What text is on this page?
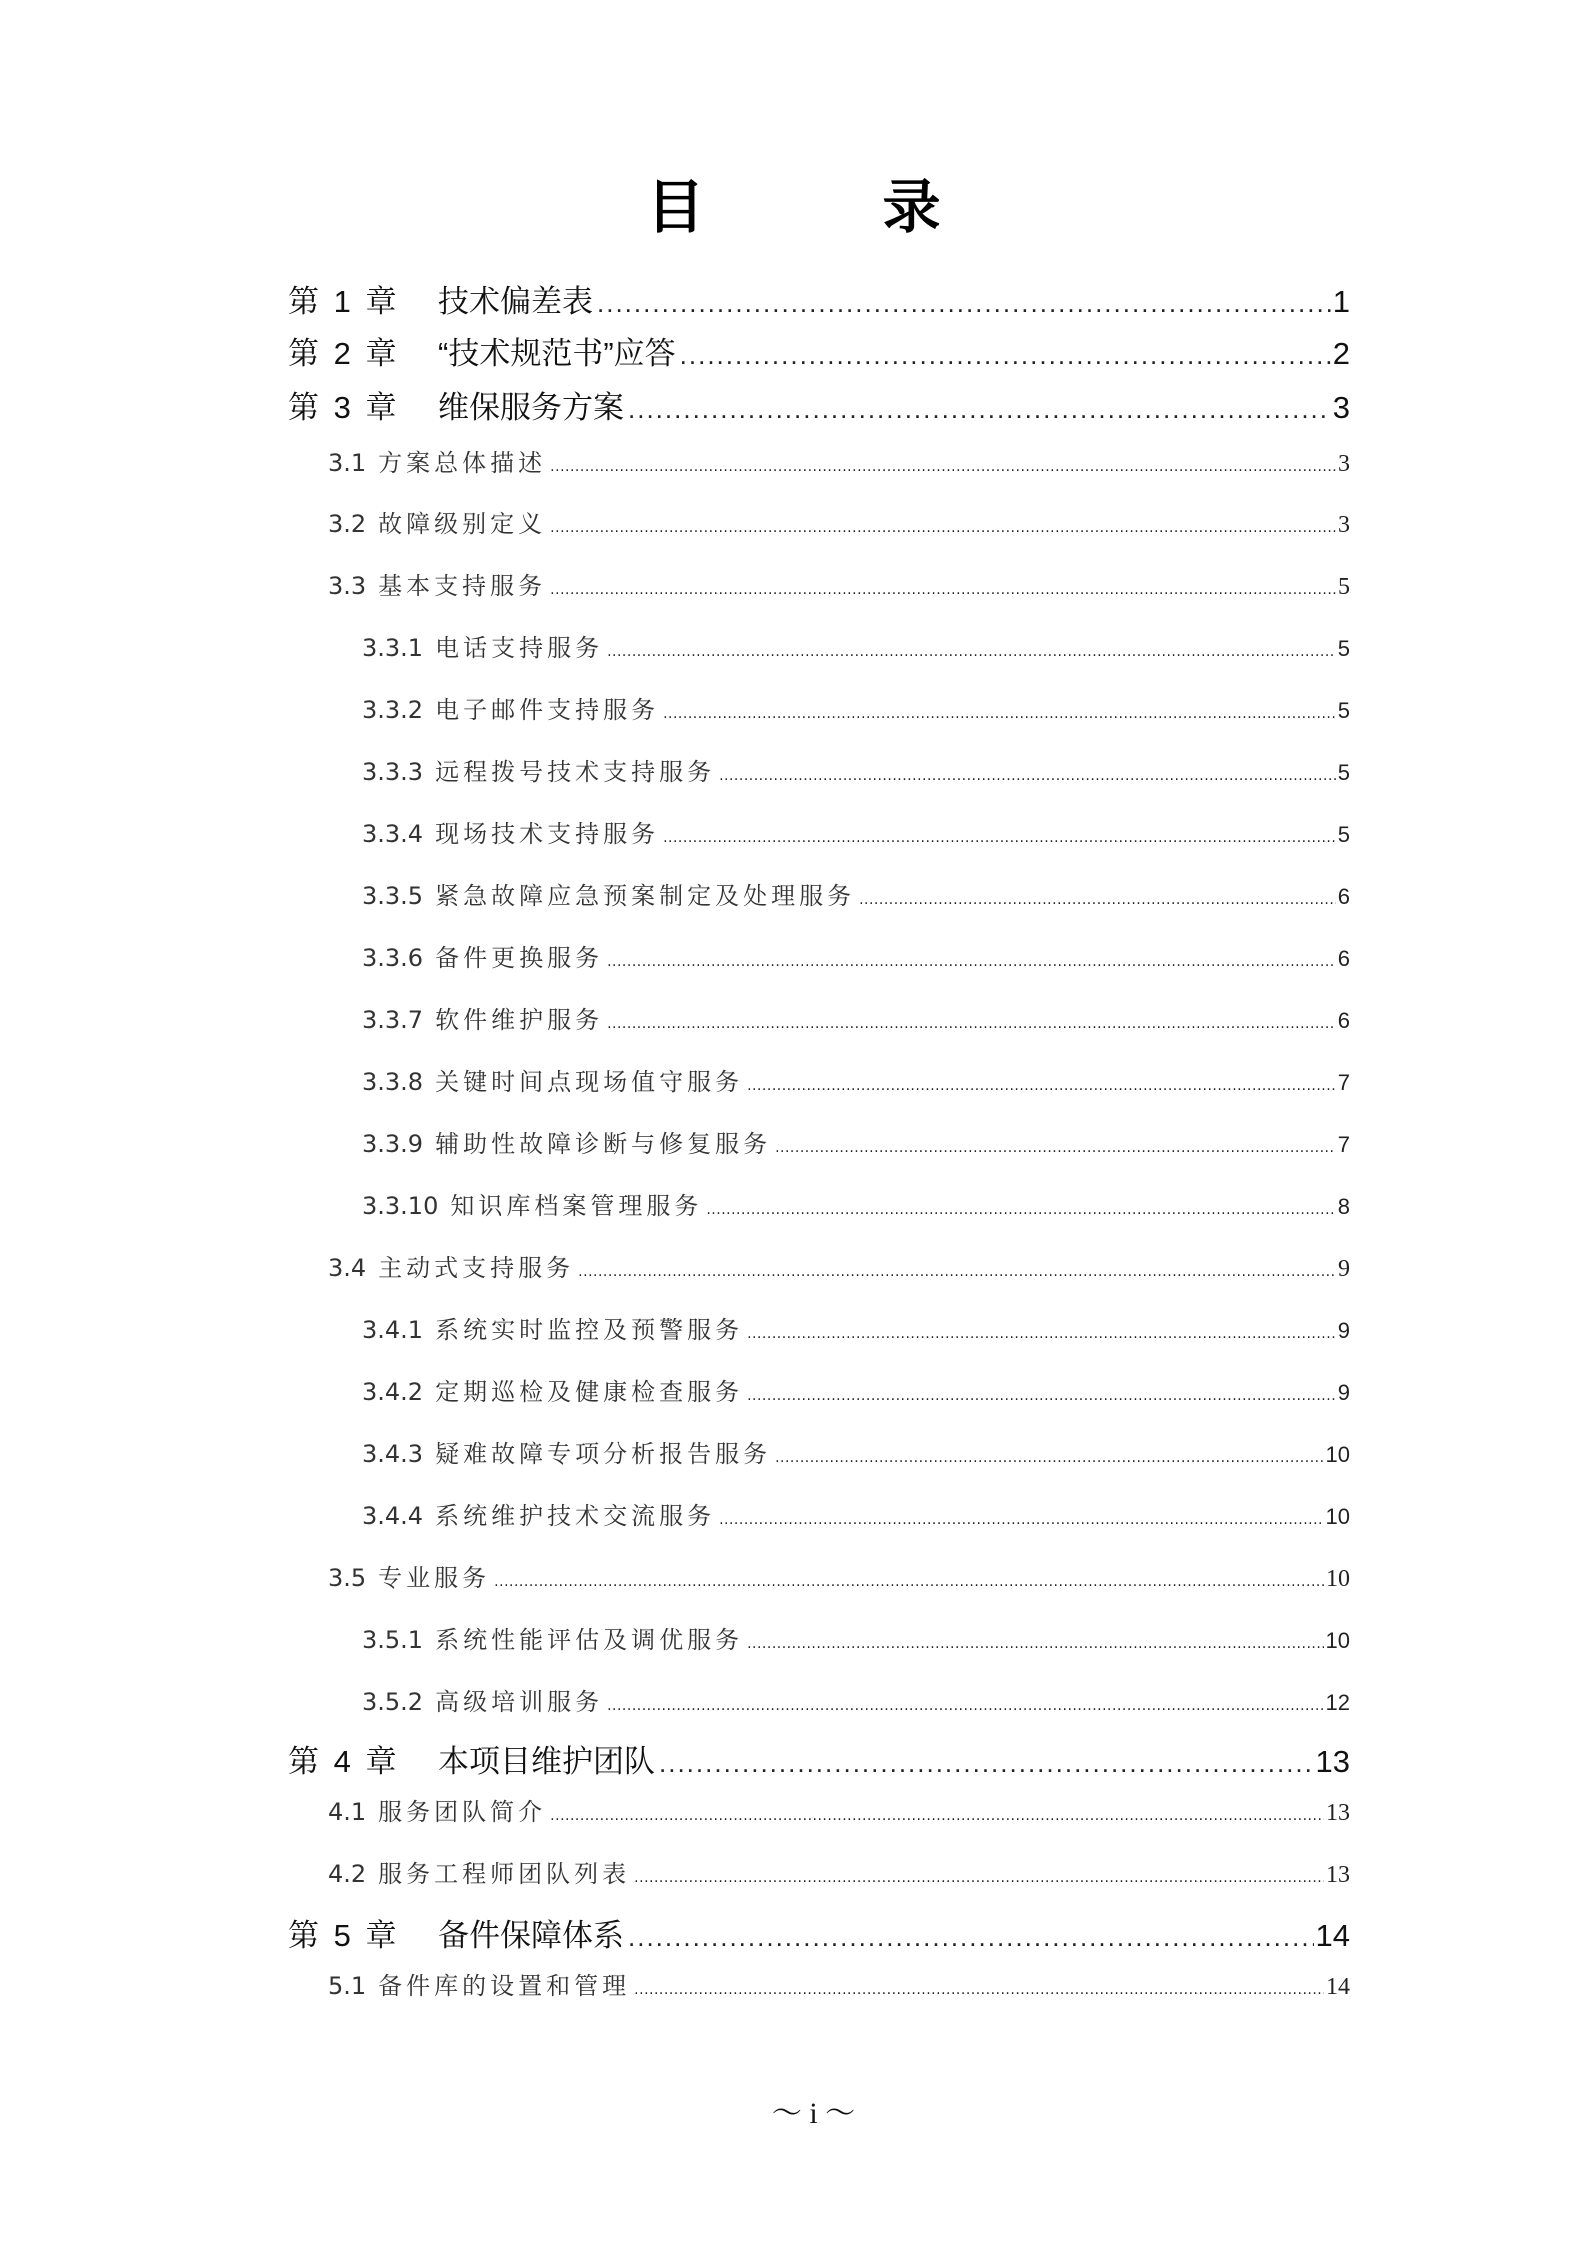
目　录
第 1 章	技术偏差表 .....	1
第 2 章	“技术规范书”应答 .....	2
第 3 章	维保服务方案 .....	3
3.1 方案总体描述 .....	3
3.2 故障级别定义 .....	3
3.3 基本支持服务 .....	5
3.3.1 电话支持服务 .....	5
3.3.2 电子邮件支持服务 .....	5
3.3.3 远程拨号技术支持服务 .....	5
3.3.4 现场技术支持服务 .....	5
3.3.5 紧急故障应急预案制定及处理服务 .....	6
3.3.6 备件更换服务 .....	6
3.3.7 软件维护服务 .....	6
3.3.8 关键时间点现场值守服务 .....	7
3.3.9 辅助性故障诊断与修复服务 .....	7
3.3.10 知识库档案管理服务 .....	8
3.4 主动式支持服务 .....	9
3.4.1 系统实时监控及预警服务 .....	9
3.4.2 定期巡检及健康检查服务 .....	9
3.4.3 疑难故障专项分析报告服务 .....	10
3.4.4 系统维护技术交流服务 .....	10
3.5 专业服务 .....	10
3.5.1 系统性能评估及调优服务 .....	10
3.5.2 高级培训服务 .....	12
第 4 章	本项目维护团队 .....	13
4.1 服务团队简介 .....	13
4.2 服务工程师团队列表 .....	13
第 5 章	备件保障体系 .....	14
5.1 备件库的设置和管理 .....	14
～ i ～
